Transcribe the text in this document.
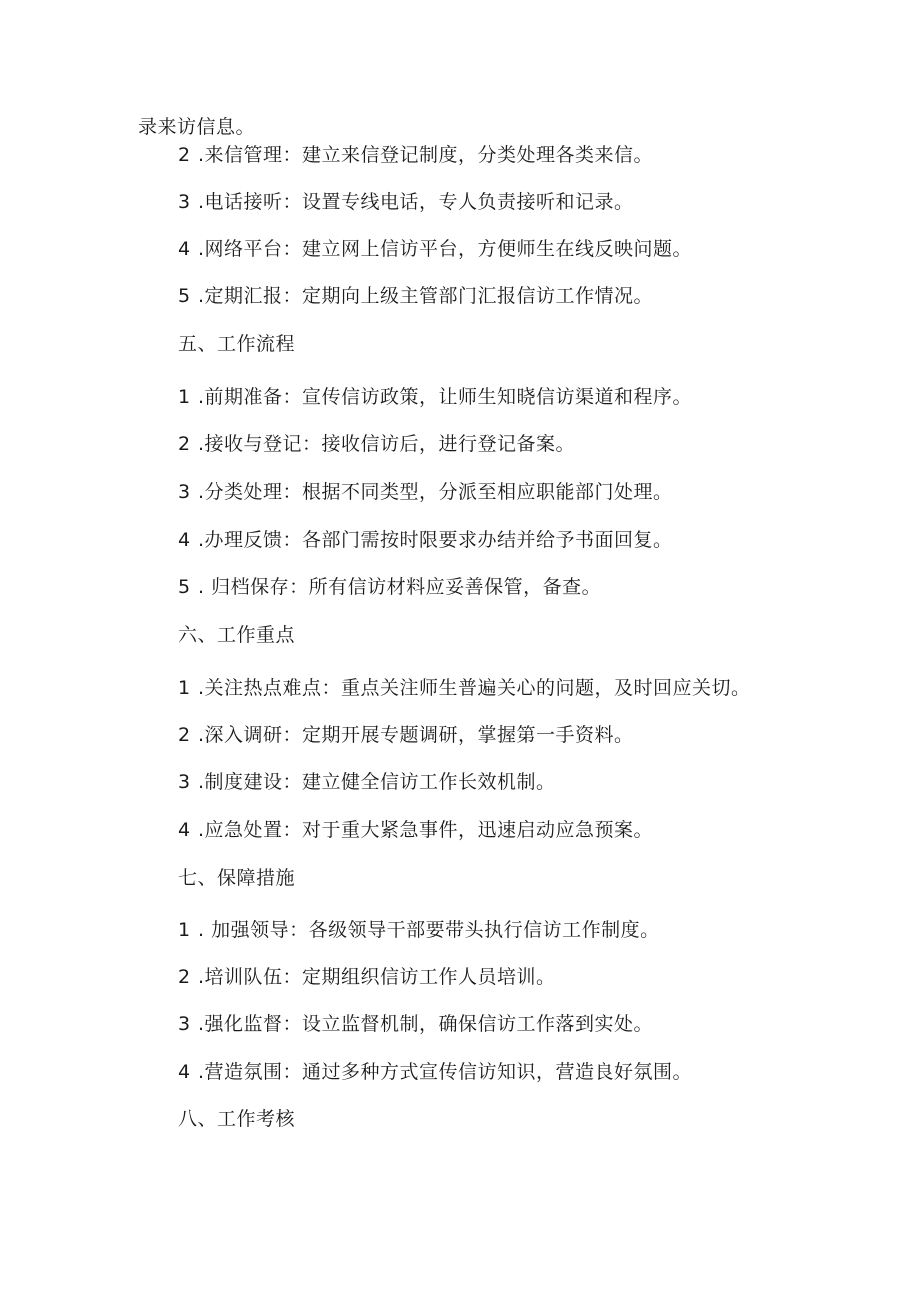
录来访信息。
2 .来信管理：建立来信登记制度，分类处理各类来信。
3 .电话接听：设置专线电话，专人负责接听和记录。
4 .网络平台：建立网上信访平台，方便师生在线反映问题。
5 .定期汇报：定期向上级主管部门汇报信访工作情况。
五、工作流程
1 .前期准备：宣传信访政策，让师生知晓信访渠道和程序。
2 .接收与登记：接收信访后，进行登记备案。
3 .分类处理：根据不同类型，分派至相应职能部门处理。
4 .办理反馈：各部门需按时限要求办结并给予书面回复。
5 . 归档保存：所有信访材料应妥善保管，备查。
六、工作重点
1 .关注热点难点：重点关注师生普遍关心的问题，及时回应关切。
2 .深入调研：定期开展专题调研，掌握第一手资料。
3 .制度建设：建立健全信访工作长效机制。
4 .应急处置：对于重大紧急事件，迅速启动应急预案。
七、保障措施
1 . 加强领导：各级领导干部要带头执行信访工作制度。
2 .培训队伍：定期组织信访工作人员培训。
3 .强化监督：设立监督机制，确保信访工作落到实处。
4 .营造氛围：通过多种方式宣传信访知识，营造良好氛围。
八、工作考核
